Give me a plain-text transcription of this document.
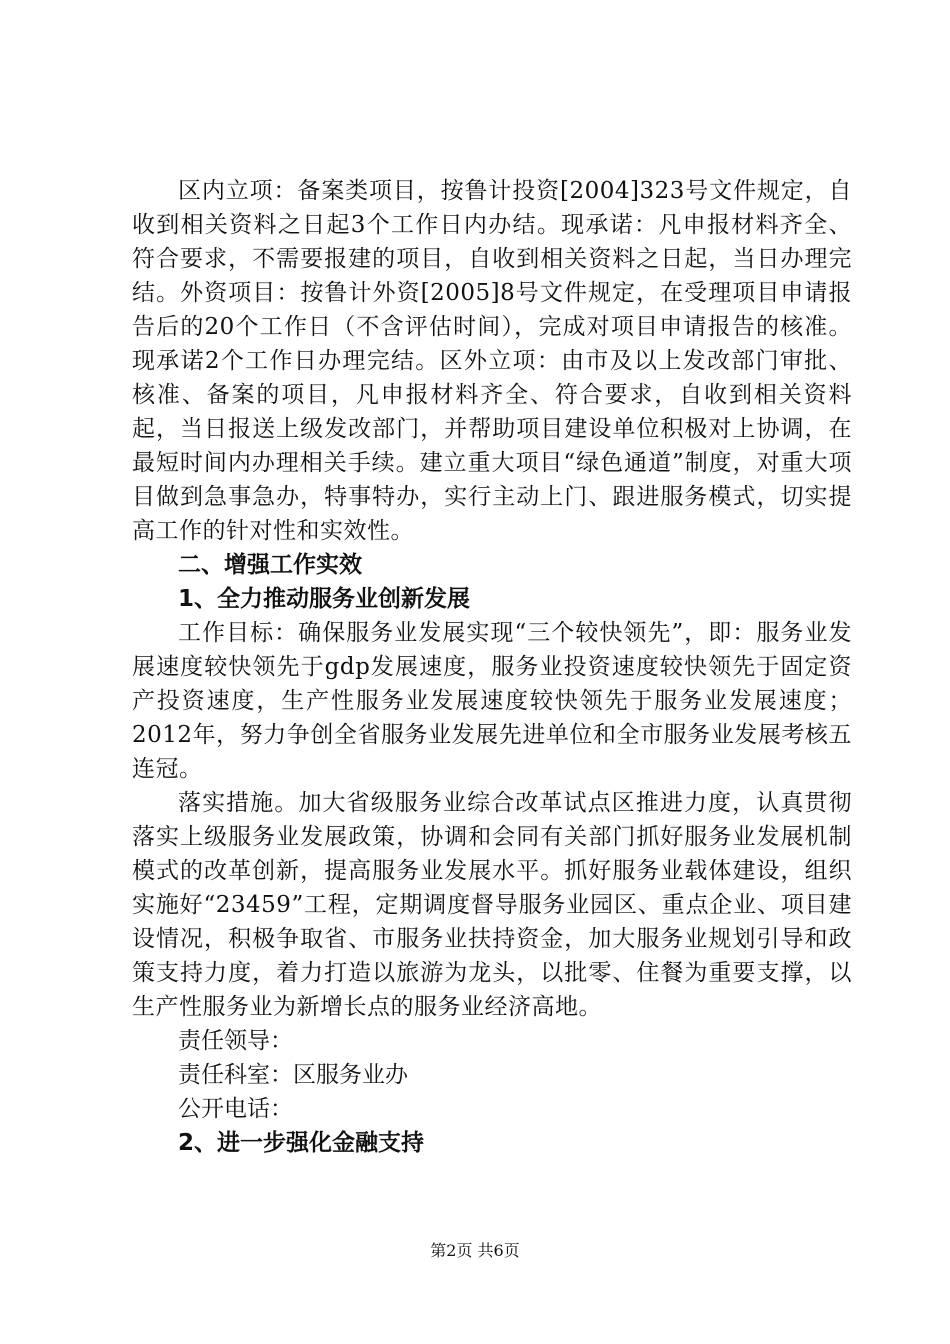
区内立项：备案类项目，按鲁计投资[2004]323号文件规定，自收到相关资料之日起3个工作日内办结。现承诺：凡申报材料齐全、符合要求，不需要报建的项目，自收到相关资料之日起，当日办理完结。外资项目：按鲁计外资[2005]8号文件规定，在受理项目申请报告后的20个工作日（不含评估时间），完成对项目申请报告的核准。现承诺2个工作日办理完结。区外立项：由市及以上发改部门审批、核准、备案的项目，凡申报材料齐全、符合要求，自收到相关资料起，当日报送上级发改部门，并帮助项目建设单位积极对上协调，在最短时间内办理相关手续。建立重大项目“绿色通道”制度，对重大项目做到急事急办，特事特办，实行主动上门、跟进服务模式，切实提高工作的针对性和实效性。

二、增强工作实效

1、全力推动服务业创新发展

工作目标：确保服务业发展实现“三个较快领先”，即：服务业发展速度较快领先于gdp发展速度，服务业投资速度较快领先于固定资产投资速度，生产性服务业发展速度较快领先于服务业发展速度；2012年，努力争创全省服务业发展先进单位和全市服务业发展考核五连冠。

落实措施。加大省级服务业综合改革试点区推进力度，认真贯彻落实上级服务业发展政策，协调和会同有关部门抓好服务业发展机制模式的改革创新，提高服务业发展水平。抓好服务业载体建设，组织实施好“23459”工程，定期调度督导服务业园区、重点企业、项目建设情况，积极争取省、市服务业扶持资金，加大服务业规划引导和政策支持力度，着力打造以旅游为龙头，以批零、住餐为重要支撑，以生产性服务业为新增长点的服务业经济高地。

责任领导：

责任科室：区服务业办

公开电话：

2、进一步强化金融支持

第2页 共6页
